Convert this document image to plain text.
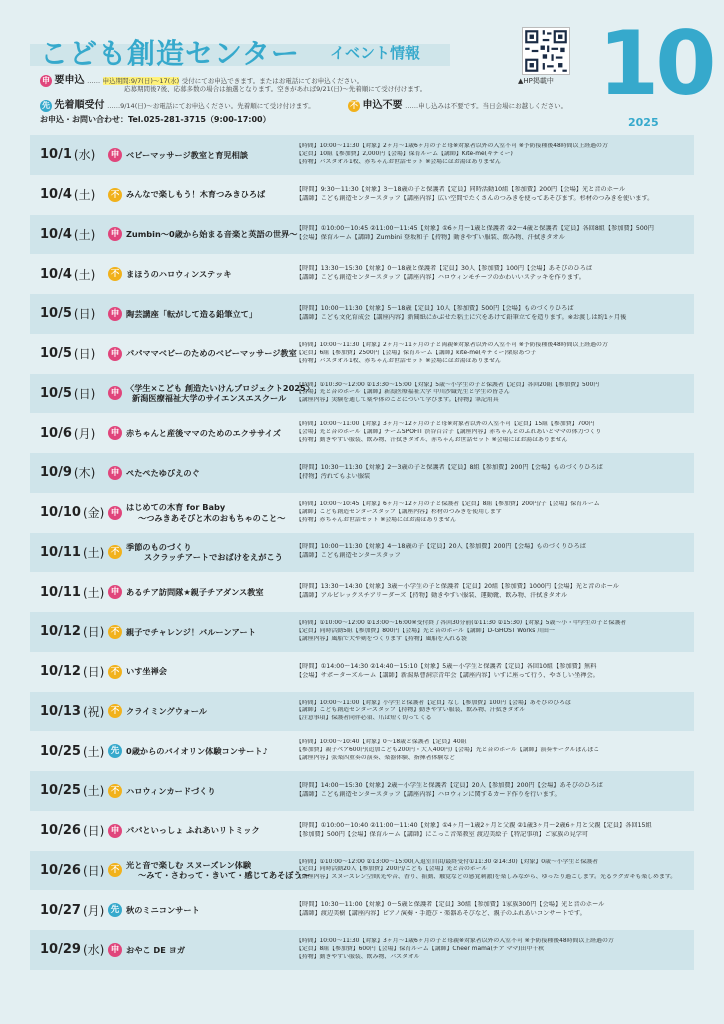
こども創造センター イベント情報
▲HP掲載中 10
2025
申 要申込 …… 申込期間:9/7(日)〜17(水) 受付にてお申込できます。またはお電話にてお申込ください。
応募期間後7後、応募多数の場合は抽選となります。空きがあれば9/21(日)〜先着順にて受け付けます。
先 先着順受付 ……9/14(日)〜お電話にてお申込ください。先着順にて受け付けます。	不 申込不要 ……申し込みは不要です。当日会場にお越しください。
お申込・お問い合わせ：Tel.025-281-3715（9:00-17:00）
10/1 (水)	申 ベビーマッサージ教室と育児相談
【時間】10:00〜11:30【対象】2ヶ月〜1歳6ヶ月の子と母※対象者以外の入室不可 ※予防接種後48時間以上経過の方
【定員】10組【参加費】2,000円【会場】保育ルーム【講師】Kite-me(キテミー)
【持物】バスタオル1枚、赤ちゃんお世話セット ※会場にはお湯はありません
10/4 (土)	不 みんなで楽しもう！木育つみきひろば
【時間】9:30〜11:30【対象】3〜18歳の子と保護者【定員】同時活動10組【参加費】200円【会場】光と音のホール
【講師】こども創造センタースタッフ【講座内容】広い空間でたくさんのつみきを使ってあそびます。杉材のつみきを使います。
10/4 (土)	申 Zumbin〜0歳から始まる音楽と英語の世界〜
【時間】①10:00〜10:45 ②11:00〜11:45【対象】①6ヶ月〜1歳と保護者 ②2〜4歳と保護者【定員】各回8組【参加費】500円
【会場】保育ルーム【講師】Zumbini 登坂和子【持物】動きやすい服装、飲み物、汗拭きタオル
10/4 (土)	不 まほうのハロウィンステッキ
【時間】13:30〜15:30【対象】0〜18歳と保護者【定員】30人【参加費】100円【会場】あそびのひろば
【講師】こども創造センタースタッフ【講座内容】ハロウィンモチーフのかわいいステッキを作ります。
10/5 (日)	申 陶芸講座「転がして造る鉛筆立て」
【時間】10:00〜11:30【対象】5〜18歳【定員】10人【参加費】500円【会場】ものづくりひろば
【講師】こども文化育成会【講座内容】新聞紙にかぶせた粘土に穴をあけて鉛筆立てを造ります。※お渡しは約1ヶ月後
10/5 (日)	申 パパママベビーのためのベビーマッサージ教室
【時間】10:00〜11:30【対象】2ヶ月〜11ヶ月の子と両親※対象者以外の入室不可 ※予防接種後48時間以上経過の方
【定員】6組【参加費】2500円【会場】保育ルーム【講師】kite-me(キテミー)栗原あつ子
【持物】バスタオル1枚、赤ちゃんお世話セット ※会場にはお湯はありません
10/5 (日)	申
〈学生×こども 創造たいけんプロジェクト2025〉
新潟医療福祉大学のサイエンスエスクール
【時間】①10:30〜12:00 ②13:30〜15:00【対象】5歳〜小学生の子と保護者【定員】各回20組【参加費】500円
【会場】光と音のホール【講師】新潟医療福祉大学 中川沙織先生と学生の皆さん
【講座内容】実験を通して薬や体のことについて学びます。【持物】筆記用具
10/6 (月)	申 赤ちゃんと産後ママのためのエクササイズ
【時間】10:00〜11:00【対象】3ヶ月〜12ヶ月の子と母※対象者以外の入室不可【定員】15組【参加費】700円
【会場】光と音のホール【講師】チームSPOFIT 渋谷百合子【講座内容】赤ちゃんとのふれあいとママの体力づくり
【持物】動きやすい服装、飲み物、汗拭きタオル、赤ちゃんお世話セット ※会場にはお湯はありません
10/9 (木)	申 ぺたぺたゆびえのぐ
【時間】10:30〜11:30【対象】2〜3歳の子と保護者【定員】8組【参加費】200円【会場】ものづくりひろば
【持物】汚れてもよい服装
10/10 (金) 申
はじめての木育 for Baby
〜つみきあそびと木のおもちゃのこと〜
【時間】10:00〜10:45【対象】6ヶ月〜12ヶ月の子と保護者【定員】8組【参加費】200円/子【会場】保育ルーム
【講師】こども創造センタースタッフ【講座内容】杉材のつみきを使用します
【持物】赤ちゃんお世話セット ※会場にはお湯はありません
10/11 (土) 不
季節のものづくり
スクラッチアートでおばけをえがこう
【時間】10:00〜11:30【対象】4〜18歳の子【定員】20人【参加費】200円【会場】ものづくりひろば
【講師】こども創造センタースタッフ
10/11 (土) 申 あるチア訪問隊★親子チアダンス教室
【時間】13:30〜14:30【対象】3歳〜小学生の子と保護者【定員】20組【参加費】1000円【会場】光と音のホール
【講師】アルビレックスチアリーダーズ【持物】動きやすい服装、運動靴、飲み物、汗拭きタオル
10/12 (日) 不 親子でチャレンジ！バルーンアート
【時間】①10:00〜12:00 ②13:00〜16:00※受付終了各回30分前(①11:30 ②15:30)【対象】5歳〜小・中学生の子と保護者
【定員】同時活動5組【参加費】800円【会場】光と音のホール【講師】D-GHOST Works 川田一
【講座内容】風船で犬や剣をつくります【持物】風船を入れる袋
10/12 (日) 不 いす坐禅会
【時間】①14:00〜14:30 ②14:40〜15:10【対象】5歳〜小学生と保護者【定員】各回10組【参加費】無料
【会場】サポーターズルーム【講師】新潟県曹洞宗青年会【講座内容】いすに座って行う、やさしい坐禅会。
10/13 (祝) 不 クライミングウォール
【時間】10:00〜11:00【対象】小学生と保護者【定員】なし【参加費】100円【会場】あそびのひろば
【講師】こども創造センタースタッフ【持物】動きやすい服装、飲み物、汗拭きタオル
【注意事項】保護者同伴必須、爪は短く切ってくる
10/25 (土) 先 0歳からのバイオリン体験コンサート♪
【時間】10:00〜10:40【対象】0〜18歳と保護者【定員】40組
【参加費】親子ペア600円(追加こども200円・大人400円)【会場】光と音のホール【講師】演奏サークルぽんぽこ
【講座内容】弦楽四重奏の演奏、楽器体験、指揮者体験など
10/25 (土) 不 ハロウィンカードづくり
【時間】14:00〜15:30【対象】2歳〜小学生と保護者【定員】20人【参加費】200円【会場】あそびのひろば
【講師】こども創造センタースタッフ【講座内容】ハロウィンに関するカード作りを行います。
10/26 (日) 申 パパといっしょ ふれあいリトミック
【時間】①10:00〜10:40 ②11:00〜11:40【対象】①4ヶ月〜1歳2ヶ月と父親 ②1歳3ヶ月〜2歳6ヶ月と父親【定員】各回15組
【参加費】500円【会場】保育ルーム【講師】にこっこ音楽教室 渡辺美絵子【特記事項】ご家族の見学可
10/26 (日) 不
光と音で楽しむ スヌーズレン体験
〜みて・さわって・きいて・感じてあそぼう〜
【時間】①10:00〜12:00 ②13:00〜15:00(入退室自由/最終受付①11:30 ②14:30)【対象】0歳〜小学生と保護者
【定員】同時活動20人【参加費】200円/こども【会場】光と音のホール
【講座内容】スヌーズレン空間(光や音、香り、振動、触覚などの感覚刺激)を楽しみながら、ゆったり過ごします。光るラグガキも楽しめます。
10/27 (月) 先 秋のミニコンサート
【時間】10:30〜11:00【対象】0〜5歳と保護者【定員】30組【参加費】1家族300円【会場】光と音のホール
【講師】渡辺美樹【講座内容】ピアノ演奏・手遊び・楽器あそびなど、親子のふれあいコンサートです。
10/29 (水) 申 おやこ DE ヨガ
【時間】10:00〜11:30【対象】3ヶ月〜1歳6ヶ月の子と母親※対象者以外の入室不可 ※予防接種後48時間以上経過の方
【定員】8組【参加費】600円【会場】保育ルーム【講師】Cheer mama(チア ママ)田中千秋
【持物】動きやすい服装、飲み物、バスタオル
